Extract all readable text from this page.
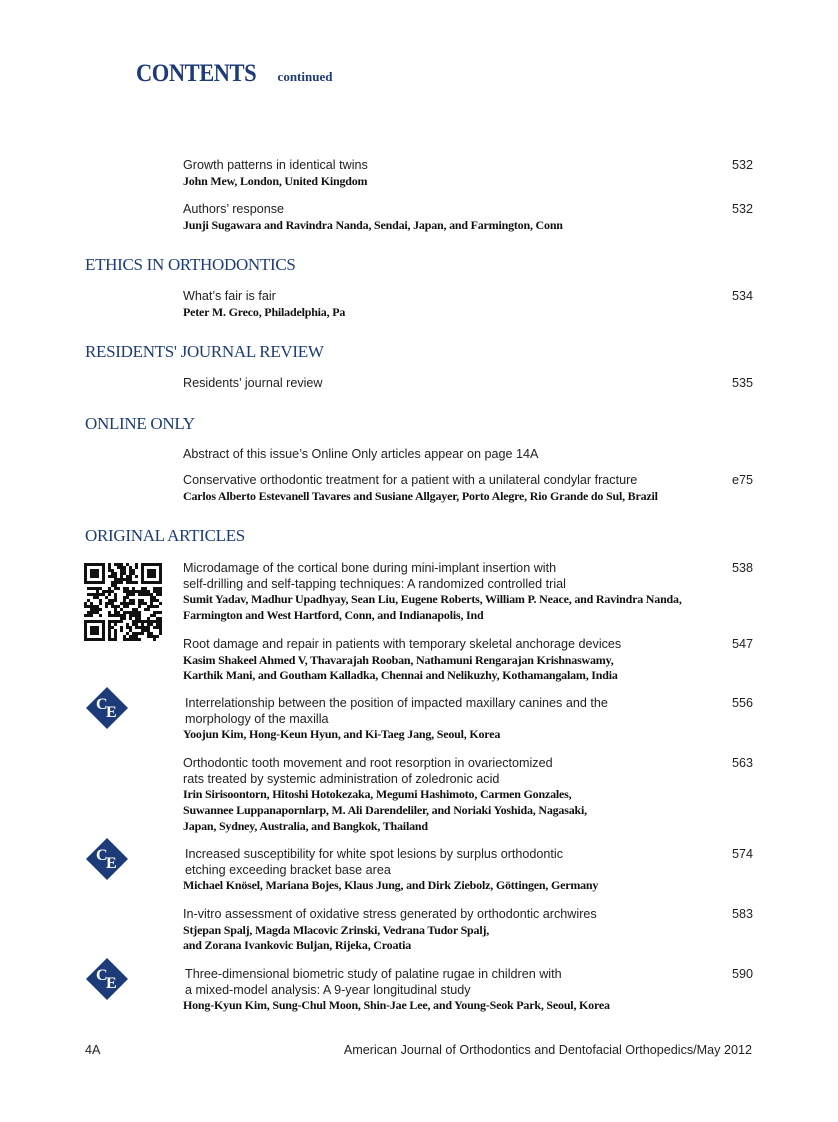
CONTENTS continued
ETHICS IN ORTHODONTICS
RESIDENTS' JOURNAL REVIEW
ONLINE ONLY
ORIGINAL ARTICLES
Growth patterns in identical twins
John Mew, London, United Kingdom
532
Authors’ response
Junji Sugawara and Ravindra Nanda, Sendai, Japan, and Farmington, Conn
532
What’s fair is fair
Peter M. Greco, Philadelphia, Pa
534
Residents’ journal review	535
Abstract of this issue’s Online Only articles appear on page 14A
Conservative orthodontic treatment for a patient with a unilateral condylar fracture
Carlos Alberto Estevanell Tavares and Susiane Allgayer, Porto Alegre, Rio Grande do Sul, Brazil
e75
Microdamage of the cortical bone during mini-implant insertion with
self-drilling and self-tapping techniques: A randomized controlled trial
Sumit Yadav, Madhur Upadhyay, Sean Liu, Eugene Roberts, William P. Neace, and Ravindra Nanda,
Farmington and West Hartford, Conn, and Indianapolis, Ind
538
Root damage and repair in patients with temporary skeletal anchorage devices
Kasim Shakeel Ahmed V, Thavarajah Rooban, Nathamuni Rengarajan Krishnaswamy,
Karthik Mani, and Goutham Kalladka, Chennai and Nelikuzhy, Kothamangalam, India
547
Interrelationship between the position of impacted maxillary canines and the
morphology of the maxilla
Yoojun Kim, Hong-Keun Hyun, and Ki-Taeg Jang, Seoul, Korea
556
Orthodontic tooth movement and root resorption in ovariectomized
rats treated by systemic administration of zoledronic acid
Irin Sirisoontorn, Hitoshi Hotokezaka, Megumi Hashimoto, Carmen Gonzales,
Suwannee Luppanapornlarp, M. Ali Darendeliler, and Noriaki Yoshida, Nagasaki,
Japan, Sydney, Australia, and Bangkok, Thailand
563
Increased susceptibility for white spot lesions by surplus orthodontic
etching exceeding bracket base area
Michael Knösel, Mariana Bojes, Klaus Jung, and Dirk Ziebolz, Göttingen, Germany
574
In-vitro assessment of oxidative stress generated by orthodontic archwires
Stjepan Spalj, Magda Mlacovic Zrinski, Vedrana Tudor Spalj,
and Zorana Ivankovic Buljan, Rijeka, Croatia
583
Three-dimensional biometric study of palatine rugae in children with
a mixed-model analysis: A 9-year longitudinal study
Hong-Kyun Kim, Sung-Chul Moon, Shin-Jae Lee, and Young-Seok Park, Seoul, Korea
590
4A	American Journal of Orthodontics and Dentofacial Orthopedics/May 2012
C
E
C
E
C
E
